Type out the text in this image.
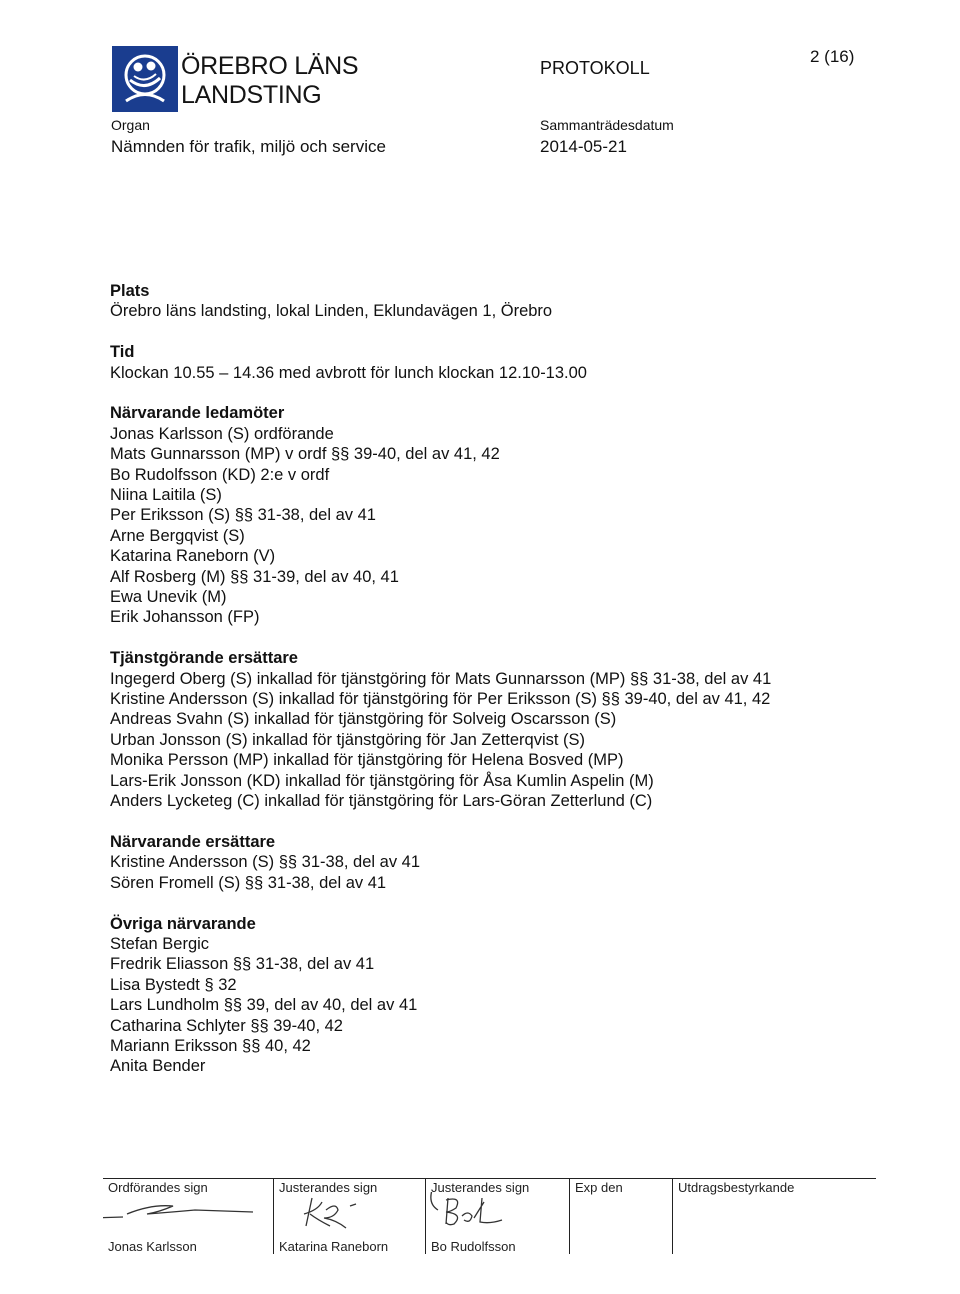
ÖREBRO LÄNS
LANDSTING
PROTOKOLL
2 (16)
Organ
Nämnden för trafik, miljö och service
Sammanträdesdatum
2014-05-21
Plats

Örebro läns landsting, lokal Linden, Eklundavägen 1, Örebro

Tid

Klockan 10.55 – 14.36 med avbrott för lunch klockan 12.10-13.00

Närvarande ledamöter

Jonas Karlsson (S) ordförande

Mats Gunnarsson (MP) v ordf §§ 39-40, del av 41, 42

Bo Rudolfsson (KD) 2:e v ordf

Niina Laitila (S)

Per Eriksson (S) §§ 31-38, del av 41

Arne Bergqvist (S)

Katarina Raneborn (V)

Alf Rosberg (M) §§ 31-39, del av 40, 41

Ewa Unevik (M)

Erik Johansson (FP)

Tjänstgörande ersättare

Ingegerd Oberg (S) inkallad för tjänstgöring för Mats Gunnarsson (MP) §§ 31-38, del av 41

Kristine Andersson (S) inkallad för tjänstgöring för Per Eriksson (S) §§ 39-40, del av 41, 42

Andreas Svahn (S) inkallad för tjänstgöring för Solveig Oscarsson (S)

Urban Jonsson (S) inkallad för tjänstgöring för Jan Zetterqvist (S)

Monika Persson (MP) inkallad för tjänstgöring för Helena Bosved (MP)

Lars-Erik Jonsson (KD) inkallad för tjänstgöring för Åsa Kumlin Aspelin (M)

Anders Lycketeg (C) inkallad för tjänstgöring för Lars-Göran Zetterlund (C)

Närvarande ersättare

Kristine Andersson (S) §§ 31-38, del av 41

Sören Fromell (S) §§ 31-38, del av 41

Övriga närvarande

Stefan Bergic

Fredrik Eliasson §§ 31-38, del av 41

Lisa Bystedt § 32

Lars Lundholm §§ 39, del av 40, del av 41

Catharina Schlyter §§ 39-40, 42

Mariann Eriksson §§ 40, 42

Anita Bender

Ordförandes sign
Jonas Karlsson
Justerandes sign
Katarina Raneborn
Justerandes sign
Bo Rudolfsson
Exp den	Utdragsbestyrkande
